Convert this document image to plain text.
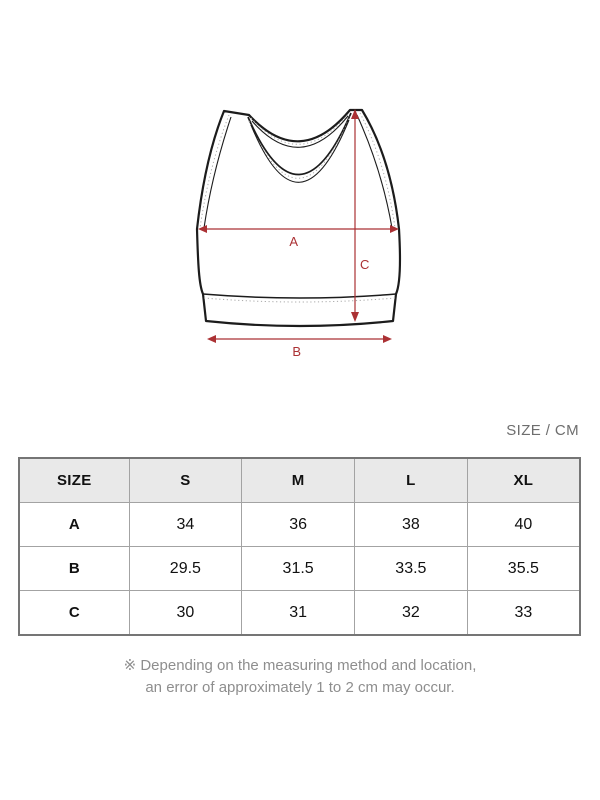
A
C
B
SIZE / CM
SIZE	S	M	L	XL
A	34	36	38	40
B	29.5	31.5	33.5	35.5
C	30	31	32	33
※ Depending on the measuring method and location,
an error of approximately 1 to 2 cm may occur.
